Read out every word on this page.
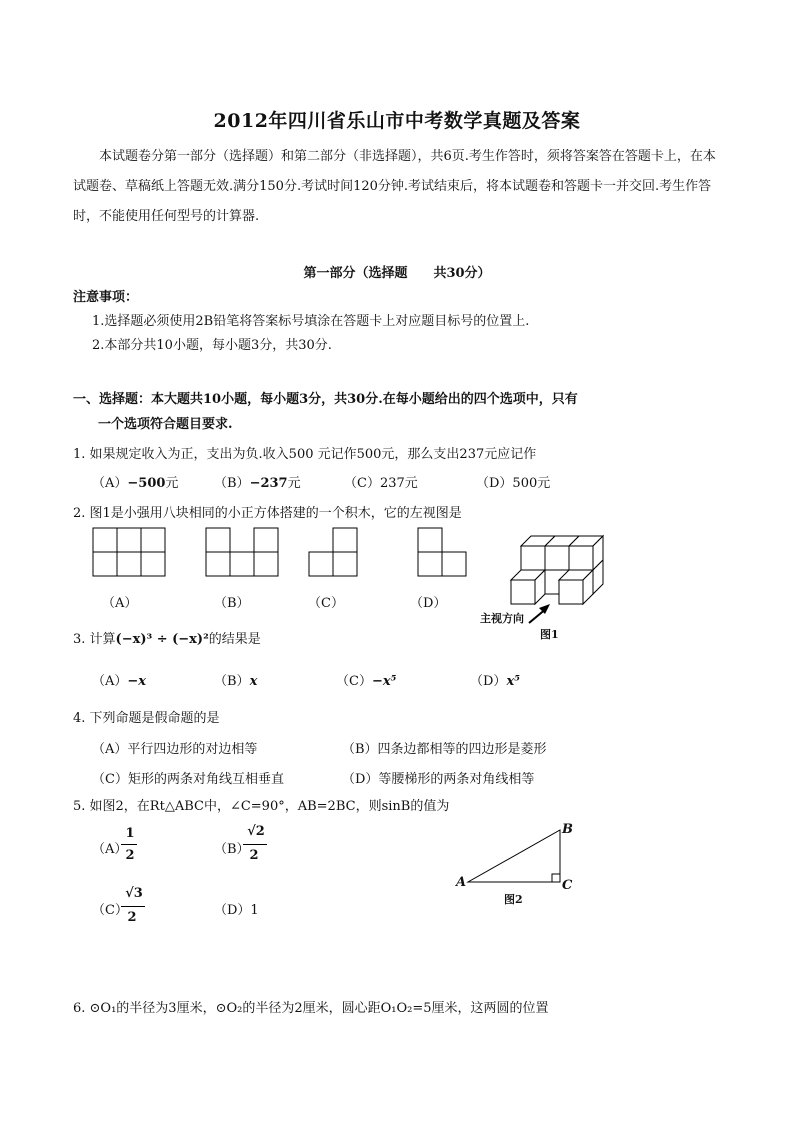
2012年四川省乐山市中考数学真题及答案

本试题卷分第一部分（选择题）和第二部分（非选择题），共6页.考生作答时，须将答案答在答题卡上，在本试题卷、草稿纸上答题无效.满分150分.考试时间120分钟.考试结束后，将本试题卷和答题卡一并交回.考生作答时，不能使用任何型号的计算器.

第一部分（选择题　　共30分）
注意事项：
1.选择题必须使用2B铅笔将答案标号填涂在答题卡上对应题目标号的位置上.
2.本部分共10小题，每小题3分，共30分.
一、选择题：本大题共10小题，每小题3分，共30分.在每小题给出的四个选项中，只有
一个选项符合题目要求.
1. 如果规定收入为正，支出为负.收入500 元记作500元，那么支出237元应记作
（A）−500元	（B）−237元	（C）237元	（D）500元
2. 图1是小强用八块相同的小正方体搭建的一个积木，它的左视图是
（A）	（B）	（C）	（D）
主视方向
图1
3. 计算(−x)³ ÷ (−x)²的结果是
（A）−x	（B）x	（C）−x⁵	（D）x⁵
4. 下列命题是假命题的是
（A）平行四边形的对边相等	（B）四条边都相等的四边形是菱形
（C）矩形的两条对角线互相垂直	（D）等腰梯形的两条对角线相等
5. 如图2，在Rt△ABC中，∠C=90°，AB=2BC，则sinB的值为
（A）
1
2	（B）
√2
2
（C）
√3
2	（D）1
A
B
C
图2
6. ⊙O₁的半径为3厘米，⊙O₂的半径为2厘米，圆心距O₁O₂=5厘米，这两圆的位置
